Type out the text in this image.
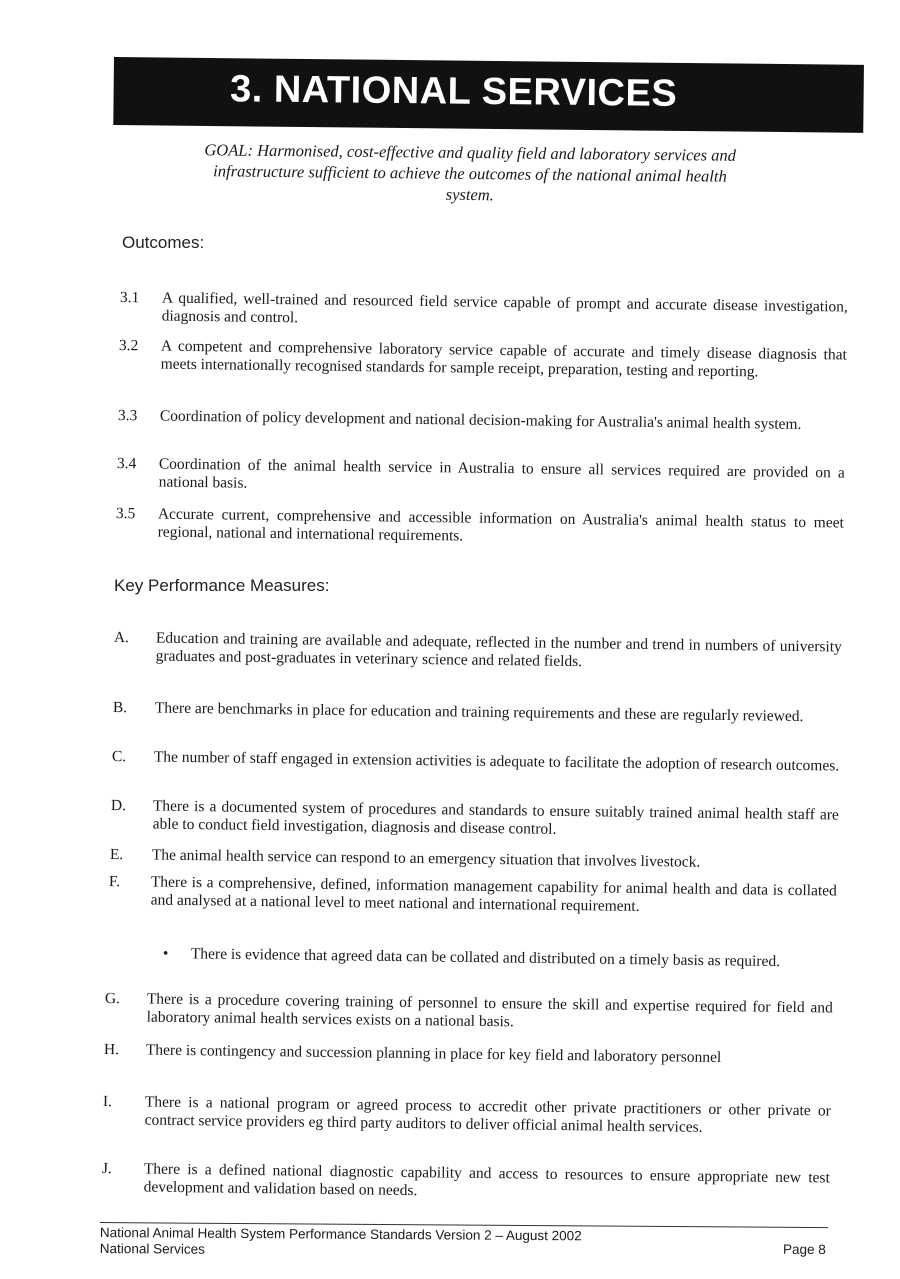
3. NATIONAL SERVICES
GOAL: Harmonised, cost-effective and quality field and laboratory services and infrastructure sufficient to achieve the outcomes of the national animal health system.
Outcomes:
3.1 A qualified, well-trained and resourced field service capable of prompt and accurate disease investigation, diagnosis and control.
3.2 A competent and comprehensive laboratory service capable of accurate and timely disease diagnosis that meets internationally recognised standards for sample receipt, preparation, testing and reporting.
3.3 Coordination of policy development and national decision-making for Australia's animal health system.
3.4 Coordination of the animal health service in Australia to ensure all services required are provided on a national basis.
3.5 Accurate current, comprehensive and accessible information on Australia's animal health status to meet regional, national and international requirements.
Key Performance Measures:
A. Education and training are available and adequate, reflected in the number and trend in numbers of university graduates and post-graduates in veterinary science and related fields.
B. There are benchmarks in place for education and training requirements and these are regularly reviewed.
C. The number of staff engaged in extension activities is adequate to facilitate the adoption of research outcomes.
D. There is a documented system of procedures and standards to ensure suitably trained animal health staff are able to conduct field investigation, diagnosis and disease control.
E. The animal health service can respond to an emergency situation that involves livestock.
F. There is a comprehensive, defined, information management capability for animal health and data is collated and analysed at a national level to meet national and international requirement.
• There is evidence that agreed data can be collated and distributed on a timely basis as required.
G. There is a procedure covering training of personnel to ensure the skill and expertise required for field and laboratory animal health services exists on a national basis.
H. There is contingency and succession planning in place for key field and laboratory personnel
I. There is a national program or agreed process to accredit other private practitioners or other private or contract service providers eg third party auditors to deliver official animal health services.
J. There is a defined national diagnostic capability and access to resources to ensure appropriate new test development and validation based on needs.
National Animal Health System Performance Standards Version 2 – August 2002
National Services	Page 8
